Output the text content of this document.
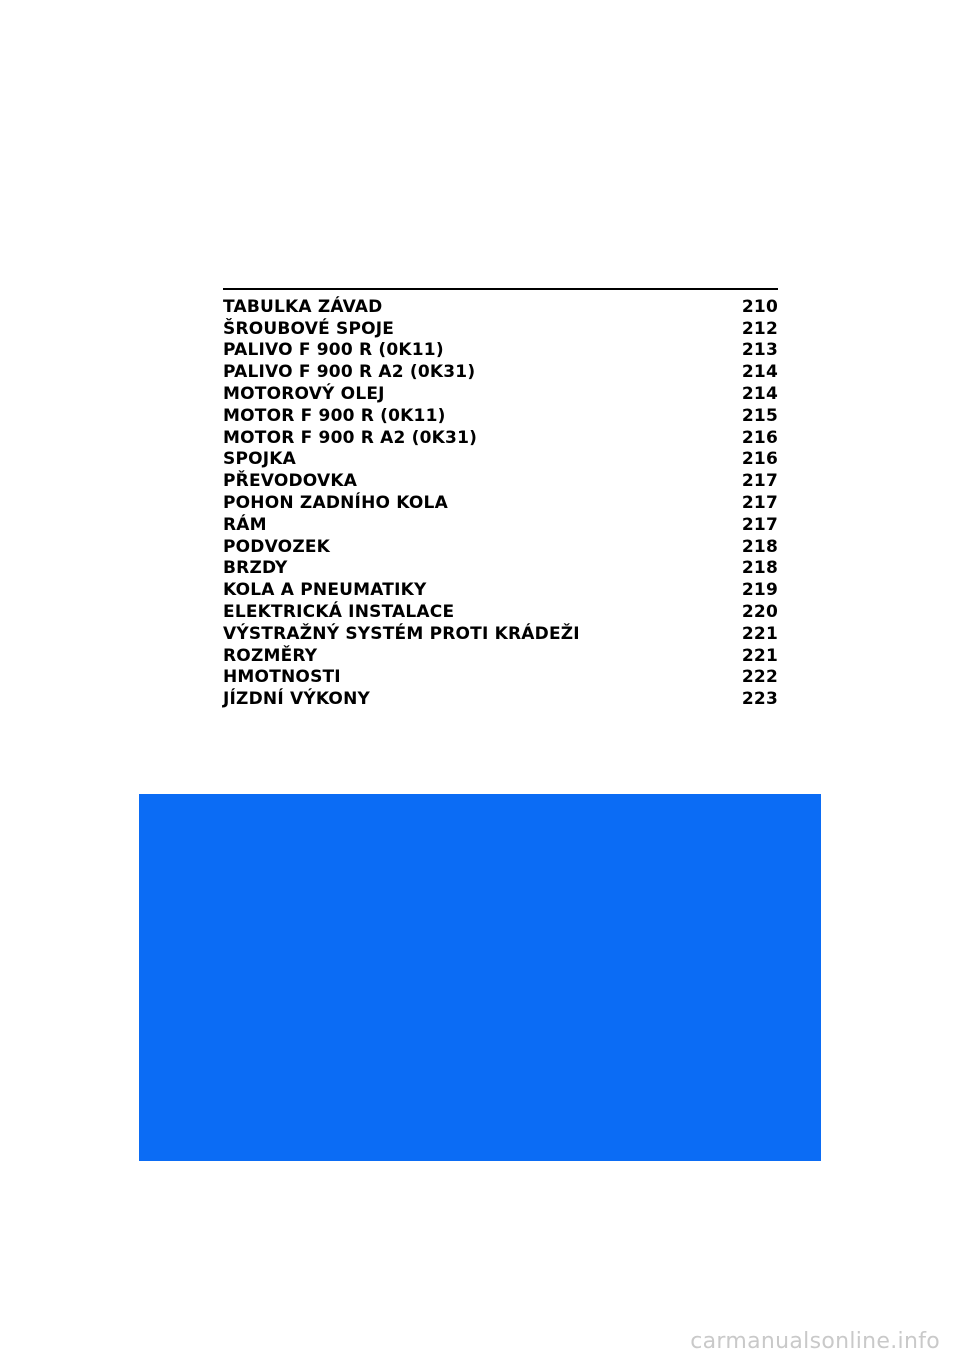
TABULKA ZÁVAD	210
ŠROUBOVÉ SPOJE	212
PALIVO F 900 R (0K11)	213
PALIVO F 900 R A2 (0K31)	214
MOTOROVÝ OLEJ	214
MOTOR F 900 R (0K11)	215
MOTOR F 900 R A2 (0K31)	216
SPOJKA	216
PŘEVODOVKA	217
POHON ZADNÍHO KOLA	217
RÁM	217
PODVOZEK	218
BRZDY	218
KOLA A PNEUMATIKY	219
ELEKTRICKÁ INSTALACE	220
VÝSTRAŽNÝ SYSTÉM PROTI KRÁDEŽI	221
ROZMĚRY	221
HMOTNOSTI	222
JÍZDNÍ VÝKONY	223
carmanualsonline.info
